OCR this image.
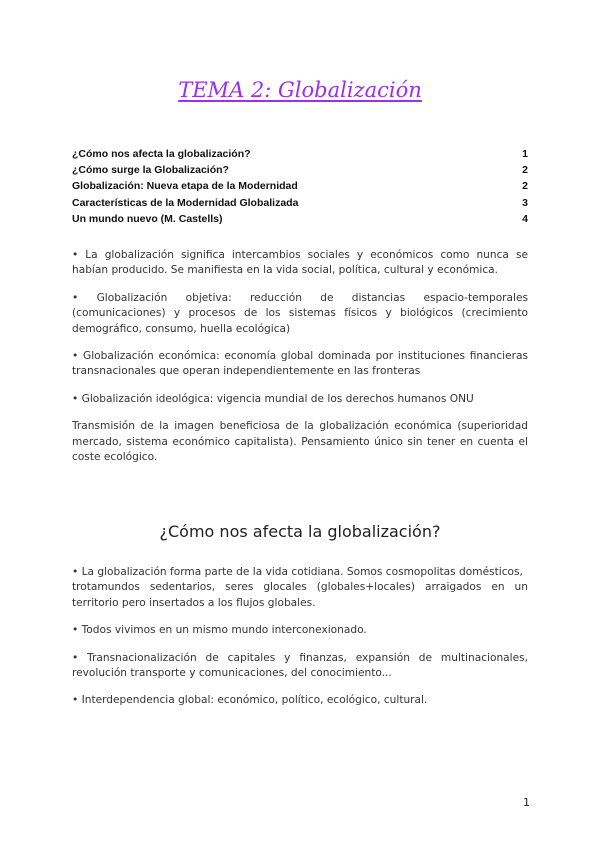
TEMA 2: Globalización
¿Cómo nos afecta la globalización?	1
¿Cómo surge la Globalización?	2
Globalización: Nueva etapa de la Modernidad	2
Características de la Modernidad Globalizada	3
Un mundo nuevo (M. Castells)	4

• La globalización significa intercambios sociales y económicos como nunca se habían producido. Se manifiesta en la vida social, política, cultural y económica.

• Globalización objetiva: reducción de distancias espacio-temporales (comunicaciones) y procesos de los sistemas físicos y biológicos (crecimiento demográfico, consumo, huella ecológica)

• Globalización económica: economía global dominada por instituciones financieras transnacionales que operan independientemente en las fronteras

• Globalización ideológica: vigencia mundial de los derechos humanos ONU

Transmisión de la imagen beneficiosa de la globalización económica (superioridad mercado, sistema económico capitalista). Pensamiento único sin tener en cuenta el coste ecológico.

¿Cómo nos afecta la globalización?

• La globalización forma parte de la vida cotidiana. Somos cosmopolitas domésticos,
trotamundos sedentarios, seres glocales (globales+locales) arraigados en un territorio pero insertados a los flujos globales.

• Todos vivimos en un mismo mundo interconexionado.

• Transnacionalización de capitales y finanzas, expansión de multinacionales, revolución transporte y comunicaciones, del conocimiento...

• Interdependencia global: económico, político, ecológico, cultural.

1
